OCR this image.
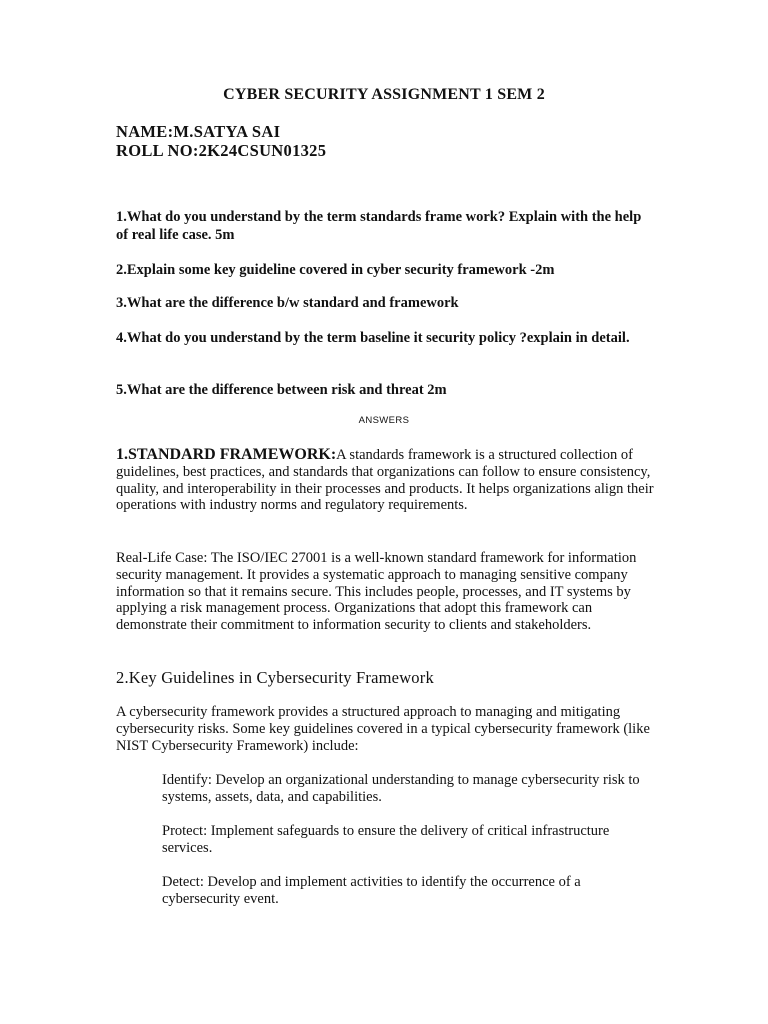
CYBER SECURITY ASSIGNMENT 1 SEM 2
NAME:M.SATYA SAI
ROLL NO:2K24CSUN01325
1.What do you understand by the term standards frame work? Explain with the help of real life case. 5m
2.Explain some key guideline covered in cyber security framework -2m
3.What are the difference b/w standard and framework
4.What do you understand by the term baseline it security policy ?explain in detail.
5.What are the difference between risk and threat 2m
ANSWERS
1.STANDARD FRAMEWORK:A standards framework is a structured collection of guidelines, best practices, and standards that organizations can follow to ensure consistency, quality, and interoperability in their processes and products. It helps organizations align their operations with industry norms and regulatory requirements.
Real-Life Case: The ISO/IEC 27001 is a well-known standard framework for information security management. It provides a systematic approach to managing sensitive company information so that it remains secure. This includes people, processes, and IT systems by applying a risk management process. Organizations that adopt this framework can demonstrate their commitment to information security to clients and stakeholders.
2.Key Guidelines in Cybersecurity Framework
A cybersecurity framework provides a structured approach to managing and mitigating cybersecurity risks. Some key guidelines covered in a typical cybersecurity framework (like NIST Cybersecurity Framework) include:
Identify: Develop an organizational understanding to manage cybersecurity risk to systems, assets, data, and capabilities.
Protect: Implement safeguards to ensure the delivery of critical infrastructure services.
Detect: Develop and implement activities to identify the occurrence of a cybersecurity event.
